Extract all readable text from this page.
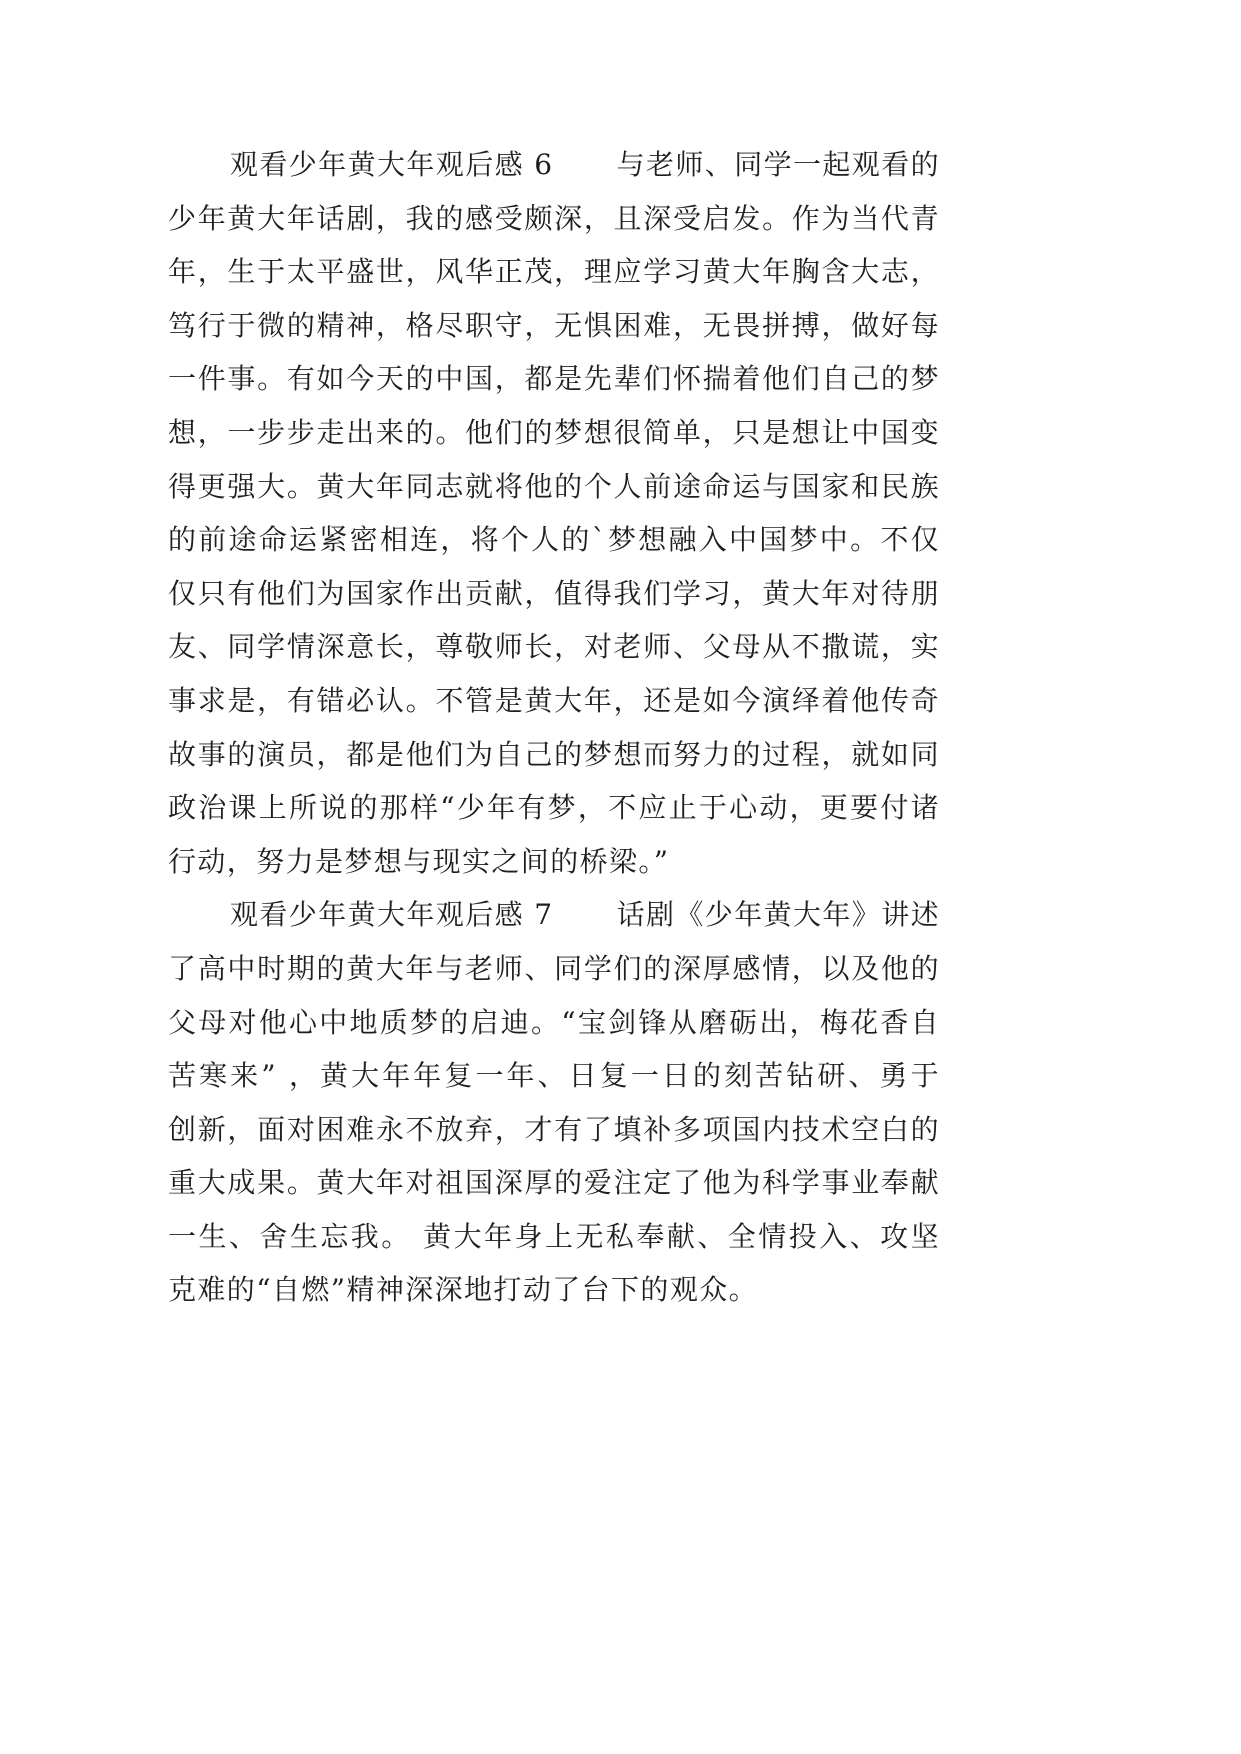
观看少年黄大年观后感 6 与老师、同学一起观看的
少年黄大年话剧，我的感受颇深，且深受启发。作为当代青
年，生于太平盛世，风华正茂，理应学习黄大年胸含大志，
笃行于微的精神，格尽职守，无惧困难，无畏拼搏，做好每
一件事。有如今天的中国，都是先辈们怀揣着他们自己的梦
想，一步步走出来的。他们的梦想很简单，只是想让中国变
得更强大。黄大年同志就将他的个人前途命运与国家和民族
的前途命运紧密相连，将个人的`梦想融入中国梦中。不仅
仅只有他们为国家作出贡献，值得我们学习，黄大年对待朋
友、同学情深意长，尊敬师长，对老师、父母从不撒谎，实
事求是，有错必认。不管是黄大年，还是如今演绎着他传奇
故事的演员，都是他们为自己的梦想而努力的过程，就如同
政治课上所说的那样“少年有梦，不应止于心动，更要付诸
行动，努力是梦想与现实之间的桥梁。”
观看少年黄大年观后感 7 话剧《少年黄大年》讲述
了高中时期的黄大年与老师、同学们的深厚感情，以及他的
父母对他心中地质梦的启迪。“宝剑锋从磨砺出，梅花香自
苦寒来” ，黄大年年复一年、日复一日的刻苦钻研、勇于
创新，面对困难永不放弃，才有了填补多项国内技术空白的
重大成果。黄大年对祖国深厚的爱注定了他为科学事业奉献
一生、舍生忘我。 黄大年身上无私奉献、全情投入、攻坚
克难的“自燃”精神深深地打动了台下的观众。
